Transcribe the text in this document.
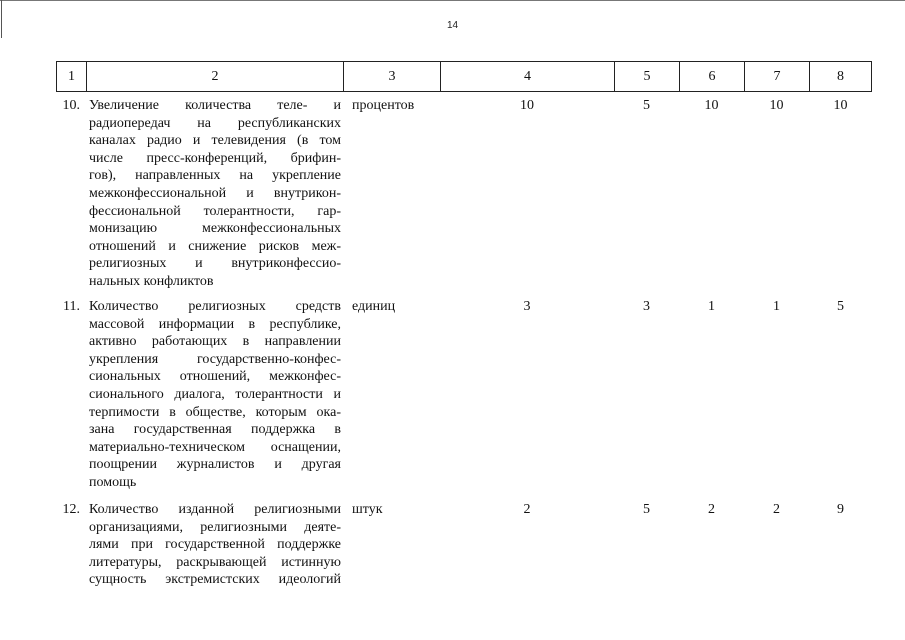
14
1	2	3	4	5	6	7	8
10. Увеличение количества теле- и
радиопередач на республиканских
каналах радио и телевидения (в том
числе пресс-конференций, брифин-
гов), направленных на укрепление
межконфессиональной и внутрикон-
фессиональной толерантности, гар-
монизацию межконфессиональных
отношений и снижение рисков меж-
религиозных и внутриконфессио-
нальных конфликтов
процентов	10	5	10	10	10
11. Количество религиозных средств
массовой информации в республике,
активно работающих в направлении
укрепления государственно-конфес-
сиональных отношений, межконфес-
сионального диалога, толерантности и
терпимости в обществе, которым ока-
зана государственная поддержка в
материально-техническом оснащении,
поощрении журналистов и другая
помощь
единиц	3	3	1	1	5
12. Количество изданной религиозными
организациями, религиозными деяте-
лями при государственной поддержке
литературы, раскрывающей истинную
сущность экстремистских идеологий
штук	2	5	2	2	9
